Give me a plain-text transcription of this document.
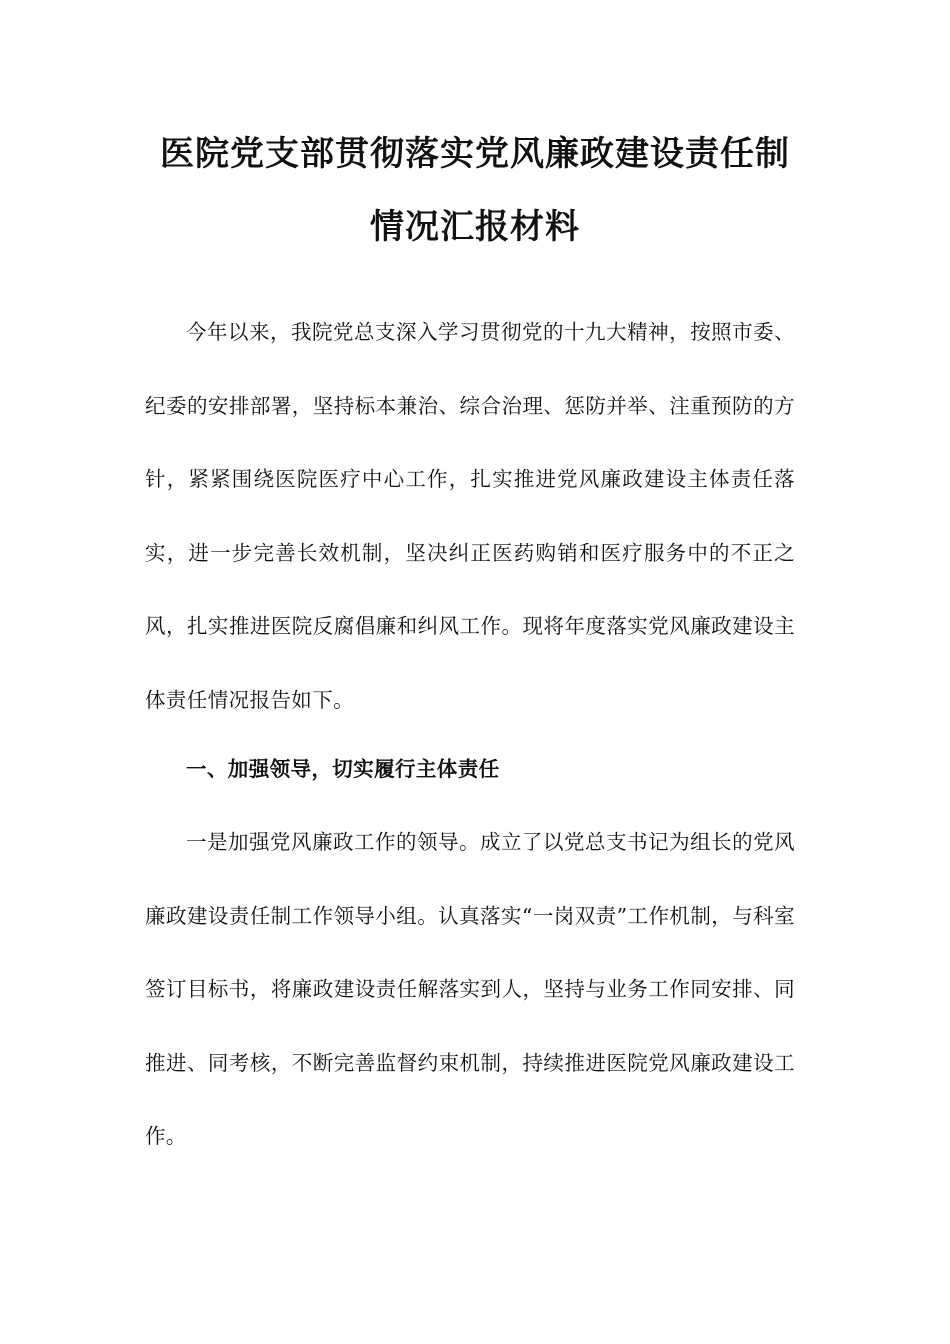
医院党支部贯彻落实党风廉政建设责任制
情况汇报材料

今年以来，我院党总支深入学习贯彻党的十九大精神，按照市委、纪委的安排部署，坚持标本兼治、综合治理、惩防并举、注重预防的方针，紧紧围绕医院医疗中心工作，扎实推进党风廉政建设主体责任落实，进一步完善长效机制，坚决纠正医药购销和医疗服务中的不正之风，扎实推进医院反腐倡廉和纠风工作。现将年度落实党风廉政建设主体责任情况报告如下。

一、加强领导，切实履行主体责任

一是加强党风廉政工作的领导。成立了以党总支书记为组长的党风廉政建设责任制工作领导小组。认真落实“一岗双责”工作机制，与科室签订目标书，将廉政建设责任解落实到人，坚持与业务工作同安排、同推进、同考核，不断完善监督约束机制，持续推进医院党风廉政建设工作。
